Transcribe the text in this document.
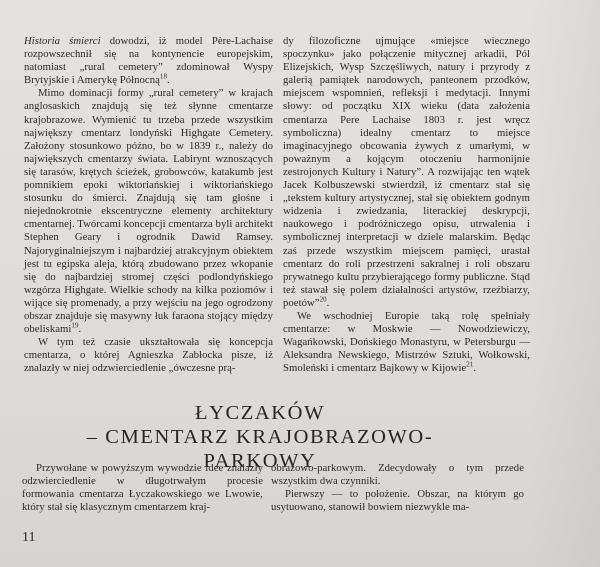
Historia śmierci dowodzi, iż model Père-Lachaise rozpowszechnił się na kontynencie europejskim, natomiast „rural cemetery” zdominował Wyspy Brytyjskie i Amerykę Północną$^{18}$.

Mimo dominacji formy „rural cemetery” w krajach anglosaskich znajdują się też słynne cmentarze krajobrazowe. Wymienić tu trzeba przede wszystkim największy cmentarz londyński Highgate Cemetery. Założony stosunkowo późno, bo w 1839 r., należy do największych cmentarzy świata. Labirynt wznoszących się tarasów, krętych ścieżek, grobowców, katakumb jest pomnikiem epoki wiktoriańskiej i wiktoriańskiego stosunku do śmierci. Znajdują się tam głośne i niejednokrotnie ekscentryczne elementy architektury cmentarnej. Twórcami koncepcji cmentarza byli architekt Stephen Geary i ogrodnik Dawid Ramsey. Najoryginalniejszym i najbardziej atrakcyjnym obiektem jest tu egipska aleja, którą zbudowano przez wkopanie się do najbardziej stromej części podlondyńskiego wzgórza Highgate. Wielkie schody na kilka poziomów i wijące się promenady, a przy wejściu na jego ogrodzony obszar znajduje się masywny łuk faraona stojący między obeliskami$^{19}$.

W tym też czasie ukształtowała się koncepcja cmentarza, o której Agnieszka Zabłocka pisze, iż znalazły w niej odzwierciedlenie „ówczesne prą-

dy filozoficzne ujmujące «miejsce wiecznego spoczynku» jako połączenie mitycznej arkadii, Pól Elizejskich, Wysp Szczęśliwych, natury i przyrody z galerią pamiątek narodowych, panteonem przodków, miejscem wspomnień, refleksji i medytacji. Innymi słowy: od początku XIX wieku (data założenia cmentarza Pere Lachaise 1803 r. jest wręcz symboliczna) idealny cmentarz to miejsce imaginacyjnego obcowania żywych z umarłymi, w poważnym a kojącym otoczeniu harmonijnie zestrojonych Kultury i Natury”. A rozwijając ten wątek Jacek Kolbuszewski stwierdził, iż cmentarz stał się „tekstem kultury artystycznej, stał się obiektem godnym widzenia i zwiedzania, literackiej deskrypcji, naukowego i podróżniczego opisu, utrwalenia i symbolicznej interpretacji w dziele malarskim. Będąc zaś przede wszystkim miejscem pamięci, urastał cmentarz do roli przestrzeni sakralnej i roli obszaru prywatnego kultu przybierającego formy publiczne. Stąd też stawał się polem działalności artystów, rzeźbiarzy, poetów”$^{20}$.

We wschodniej Europie taką rolę spełniały cmentarze: w Moskwie — Nowodziewiczy, Wagańkowski, Dońskiego Monastyru, w Petersburgu — Aleksandra Newskiego, Mistrzów Sztuki, Wołkowski, Smoleński i cmentarz Bajkowy w Kijowie$^{21}$.

ŁYCZAKÓW
– CMENTARZ KRAJOBRAZOWO-PARKOWY

Przywołane w powyższym wywodzie idee znalazły odzwierciedlenie w długotrwałym procesie formowania cmentarza Łyczakowskiego we Lwowie, który stał się klasycznym cmentarzem kraj-

obrazowo-parkowym. Zdecydowały o tym przede wszystkim dwa czynniki.

Pierwszy — to położenie. Obszar, na którym go usytuowano, stanowił bowiem niezwykle ma-

11
